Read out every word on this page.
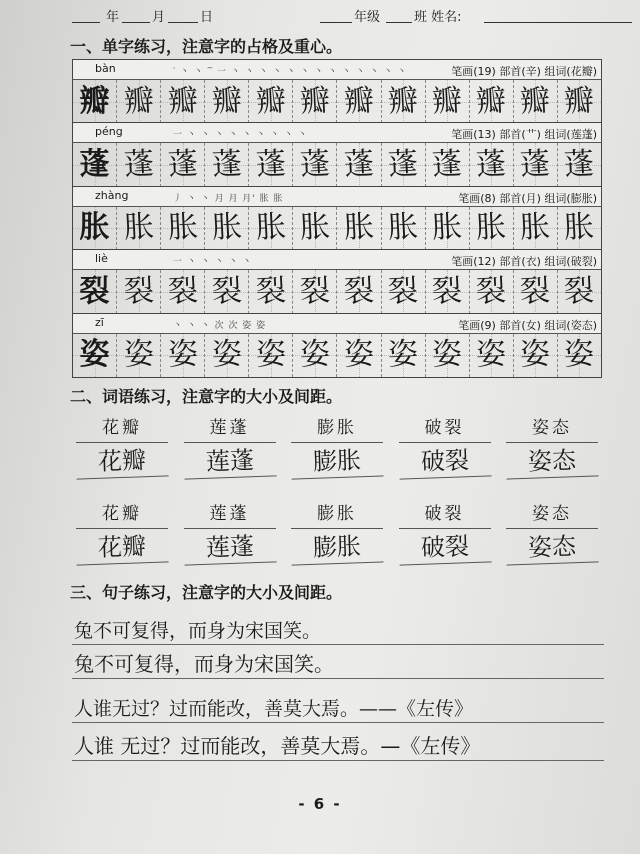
年	月	日	年级	班 姓名:
一、单字练习，注意字的占格及重心。
bàn	‵ ⼂ ⼂ ‾ ⼀ ⼂ ⼂ ⼂ ⼂ ⼂ ⼂ ⼂ ⼂ ⼂ ⼂ ⼂ ⼂ ⼂	笔画(19) 部首(辛) 组词(花瓣)
瓣 瓣 瓣 瓣 瓣 瓣 瓣 瓣 瓣 瓣 瓣 瓣
péng	⼀ ⼂ ⼂ ⼂ ⼂ ⼂ ⼂ ⼂ ⼂ ⼂	笔画(13) 部首(艹) 组词(莲蓬)
蓬 蓬 蓬 蓬 蓬 蓬 蓬 蓬 蓬 蓬 蓬 蓬
zhàng	丿 ⼂ ⼂ 月 月 月' 胀 胀	笔画(8) 部首(月) 组词(膨胀)
胀 胀 胀 胀 胀 胀 胀 胀 胀 胀 胀 胀
liè	⼀ ⼂ ⼂ ⼂ ⼂ ⼂	笔画(12) 部首(衣) 组词(破裂)
裂 裂 裂 裂 裂 裂 裂 裂 裂 裂 裂 裂
zī	⼂ ⼂ ⼂ 次 次 姿 姿	笔画(9) 部首(女) 组词(姿态)
姿 姿 姿 姿 姿 姿 姿 姿 姿 姿 姿 姿
二、词语练习，注意字的大小及间距。
花瓣
花瓣
莲蓬
莲蓬
膨胀
膨胀
破裂
破裂
姿态
姿态
花瓣
花瓣
莲蓬
莲蓬
膨胀
膨胀
破裂
破裂
姿态
姿态
三、句子练习，注意字的大小及间距。
兔不可复得，而身为宋国笑。
兔不可复得，而身为宋国笑。
人谁无过？过而能改，善莫大焉。——《左传》
人谁 无过？过而能改，善莫大焉。—《左传》
- 6 -
